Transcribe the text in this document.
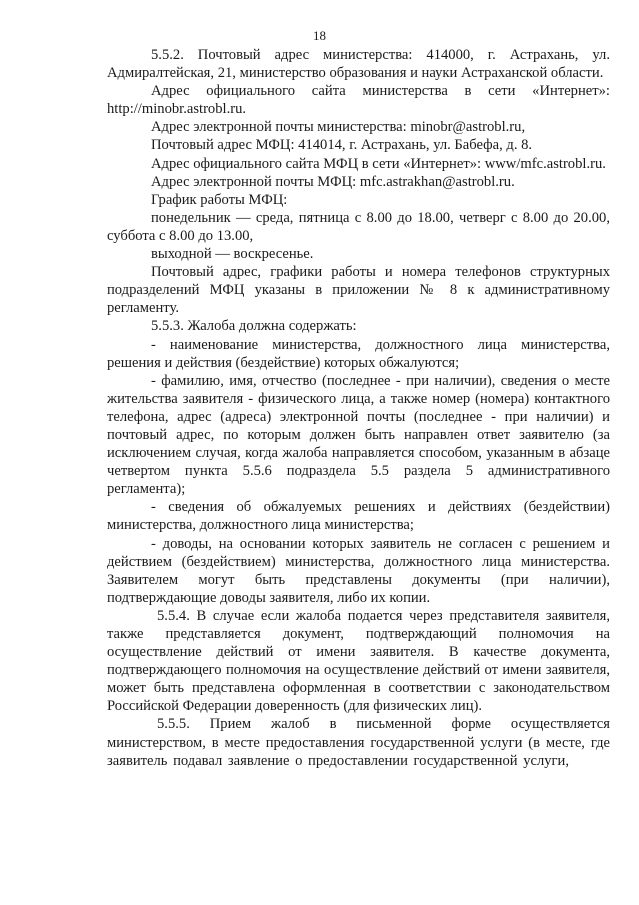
18

5.5.2. Почтовый адрес министерства: 414000, г. Астрахань, ул. Адмиралтейская, 21, министерство образования и науки Астраханской области.

Адрес официального сайта министерства в сети «Интернет»: http://minobr.astrobl.ru.

Адрес электронной почты министерства: minobr@astrobl.ru,

Почтовый адрес МФЦ: 414014, г. Астрахань, ул. Бабефа, д. 8.

Адрес официального сайта МФЦ в сети «Интернет»: www/mfc.astrobl.ru.

Адрес электронной почты МФЦ: mfc.astrakhan@astrobl.ru.

График работы МФЦ:

понедельник — среда, пятница с 8.00 до 18.00, четверг с 8.00 до 20.00, суббота с 8.00 до 13.00,

выходной — воскресенье.

Почтовый адрес, графики работы и номера телефонов структурных подразделений МФЦ указаны в приложении № 8 к административному регламенту.

5.5.3. Жалоба должна содержать:

- наименование министерства, должностного лица министерства, решения и действия (бездействие) которых обжалуются;

- фамилию, имя, отчество (последнее - при наличии), сведения о месте жительства заявителя - физического лица, а также номер (номера) контактного телефона, адрес (адреса) электронной почты (последнее - при наличии) и почтовый адрес, по которым должен быть направлен ответ заявителю (за исключением случая, когда жалоба направляется способом, указанным в абзаце четвертом пункта 5.5.6 подраздела 5.5 раздела 5 административного регламента);

- сведения об обжалуемых решениях и действиях (бездействии) министерства, должностного лица министерства;

- доводы, на основании которых заявитель не согласен с решением и действием (бездействием) министерства, должностного лица министерства. Заявителем могут быть представлены документы (при наличии), подтверждающие доводы заявителя, либо их копии.

5.5.4. В случае если жалоба подается через представителя заявителя, также представляется документ, подтверждающий полномочия на осуществление действий от имени заявителя. В качестве документа, подтверждающего полномочия на осуществление действий от имени заявителя, может быть представлена оформленная в соответствии с законодательством Российской Федерации доверенность (для физических лиц).

5.5.5. Прием жалоб в письменной форме осуществляется министерством, в месте предоставления государственной услуги (в месте, где заявитель подавал заявление о предоставлении государственной услуги,
